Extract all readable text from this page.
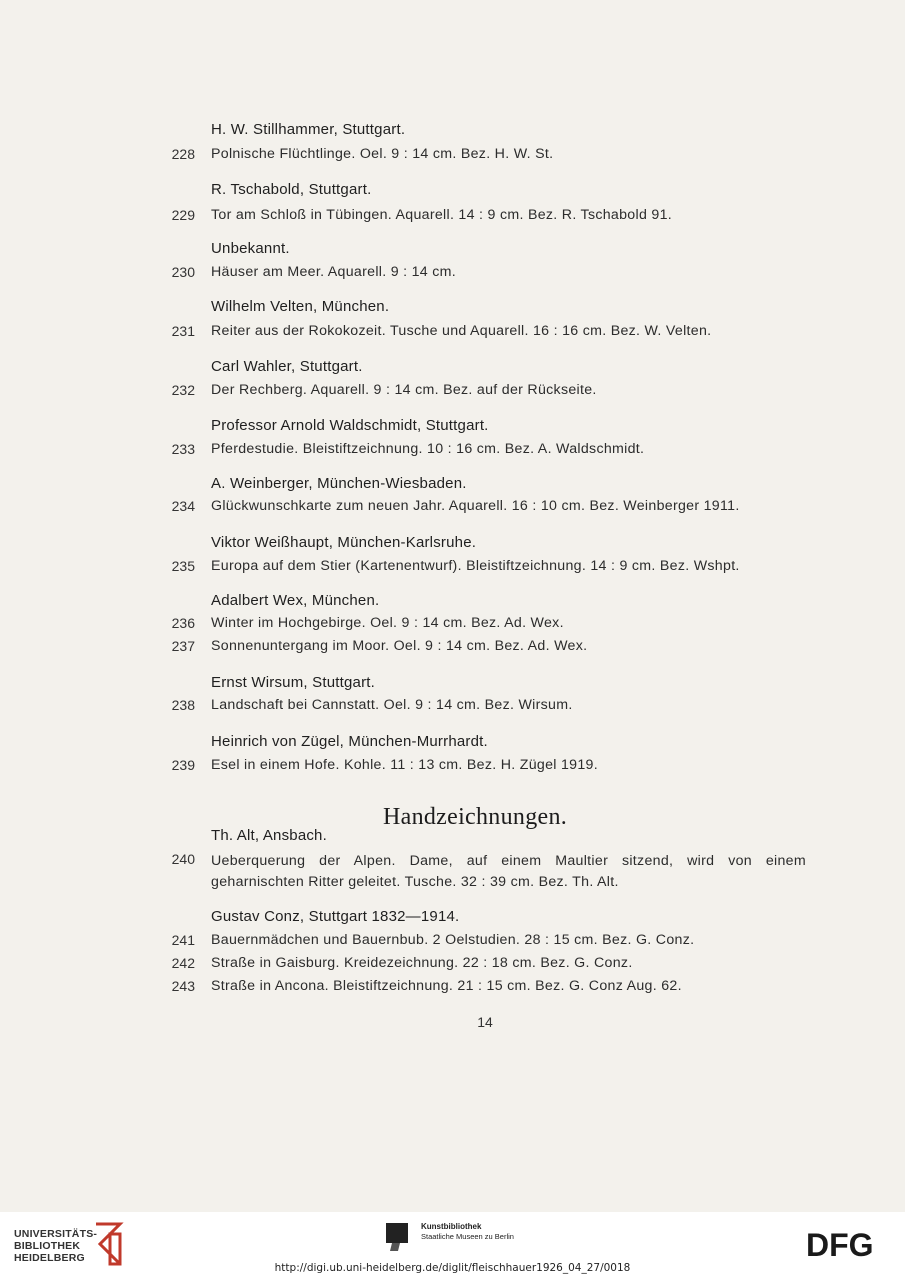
H. W. Stillhammer, Stuttgart.
228 Polnische Flüchtlinge. Oel. 9 : 14 cm. Bez. H. W. St.
R. Tschabold, Stuttgart.
229 Tor am Schloß in Tübingen. Aquarell. 14 : 9 cm. Bez. R. Tschabold 91.
Unbekannt.
230 Häuser am Meer. Aquarell. 9 : 14 cm.
Wilhelm Velten, München.
231 Reiter aus der Rokokozeit. Tusche und Aquarell. 16 : 16 cm. Bez. W. Velten.
Carl Wahler, Stuttgart.
232 Der Rechberg. Aquarell. 9 : 14 cm. Bez. auf der Rückseite.
Professor Arnold Waldschmidt, Stuttgart.
233 Pferdestudie. Bleistiftzeichnung. 10 : 16 cm. Bez. A. Waldschmidt.
A. Weinberger, München-Wiesbaden.
234 Glückwunschkarte zum neuen Jahr. Aquarell. 16 : 10 cm. Bez. Weinberger 1911.
Viktor Weißhaupt, München-Karlsruhe.
235 Europa auf dem Stier (Kartenentwurf). Bleistiftzeichnung. 14 : 9 cm. Bez. Wshpt.
Adalbert Wex, München.
236 Winter im Hochgebirge. Oel. 9 : 14 cm. Bez. Ad. Wex.
237 Sonnenuntergang im Moor. Oel. 9 : 14 cm. Bez. Ad. Wex.
Ernst Wirsum, Stuttgart.
238 Landschaft bei Cannstatt. Oel. 9 : 14 cm. Bez. Wirsum.
Heinrich von Zügel, München-Murrhardt.
239 Esel in einem Hofe. Kohle. 11 : 13 cm. Bez. H. Zügel 1919.
Handzeichnungen.
Th. Alt, Ansbach.
240 Ueberquerung der Alpen. Dame, auf einem Maultier sitzend, wird von einem geharnischten Ritter geleitet. Tusche. 32 : 39 cm. Bez. Th. Alt.
Gustav Conz, Stuttgart 1832—1914.
241 Bauernmädchen und Bauernbub. 2 Oelstudien. 28 : 15 cm. Bez. G. Conz.
242 Straße in Gaisburg. Kreidezeichnung. 22 : 18 cm. Bez. G. Conz.
243 Straße in Ancona. Bleistiftzeichnung. 21 : 15 cm. Bez. G. Conz Aug. 62.
14
UNIVERSITÄTS-
BIBLIOTHEK
HEIDELBERG
Kunstbibliothek
Staatliche Museen zu Berlin	DFG
http://digi.ub.uni-heidelberg.de/diglit/fleischhauer1926_04_27/0018
